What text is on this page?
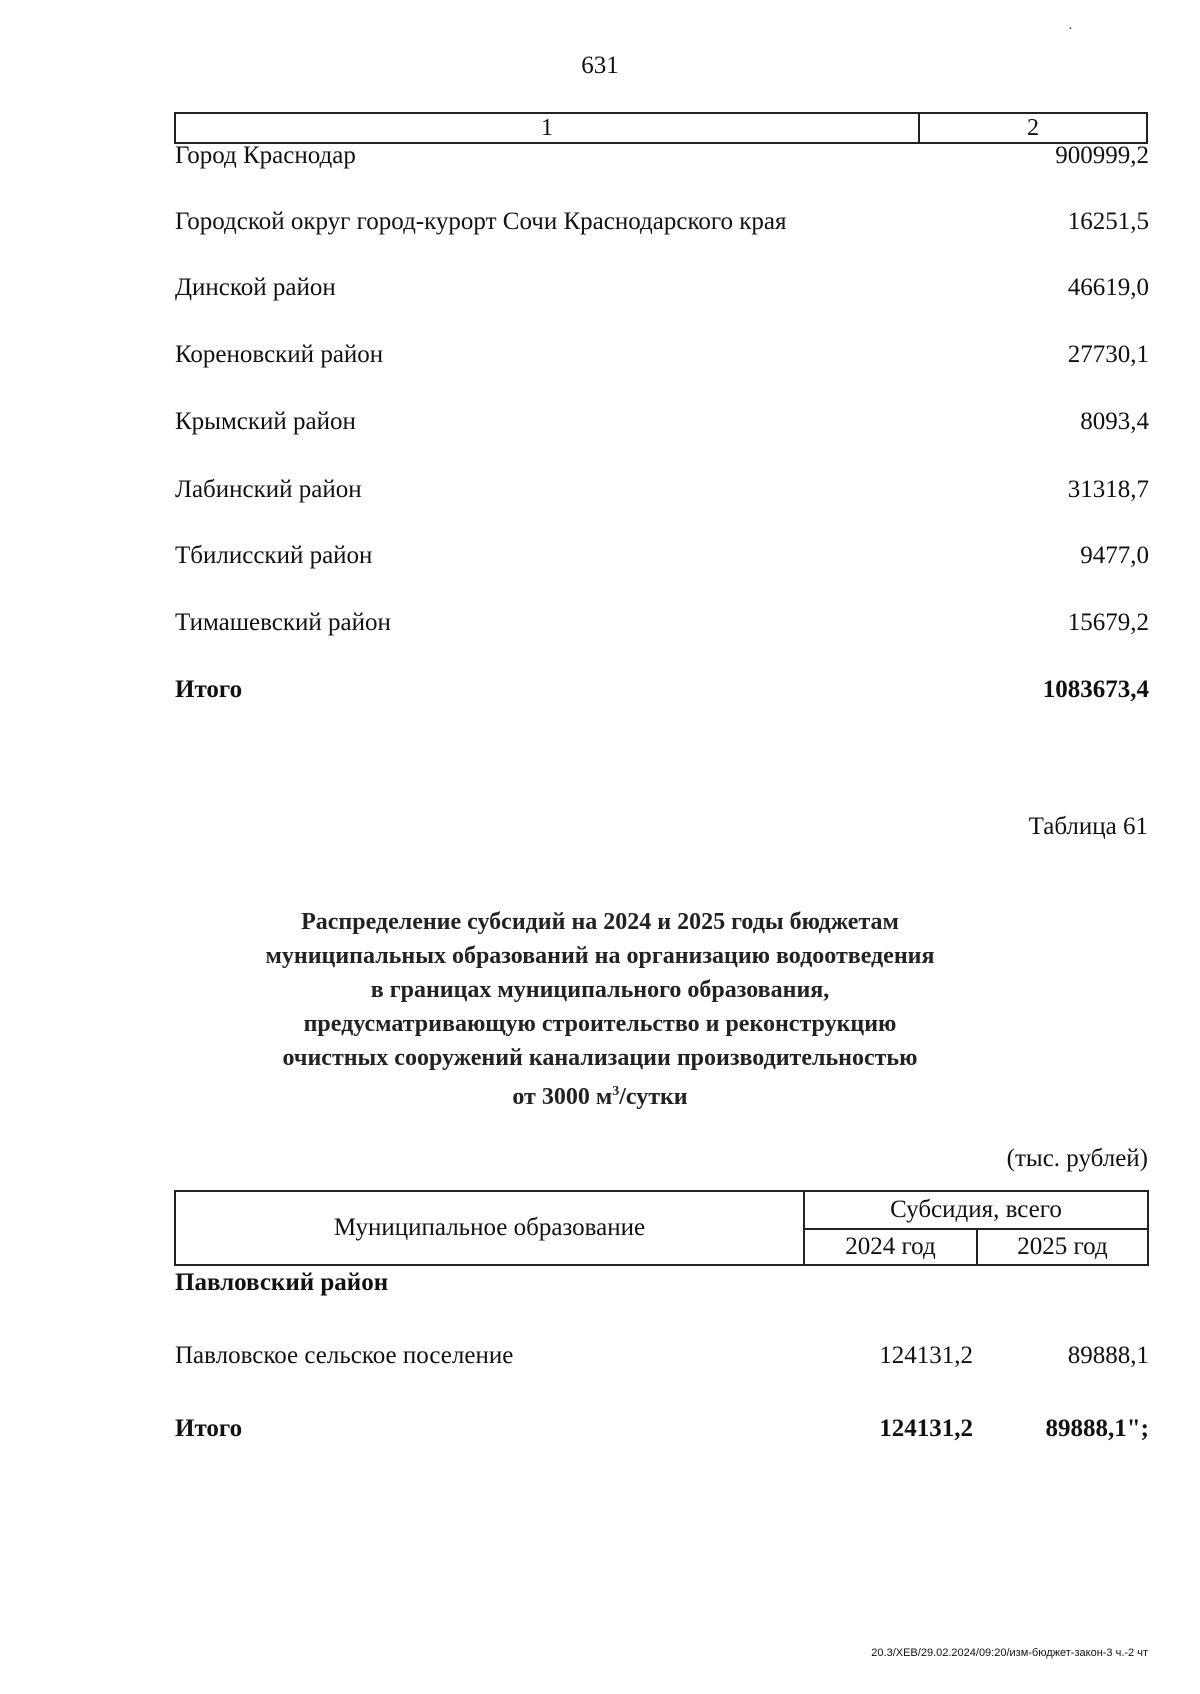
631
·
1	2
Город Краснодар	900999,2
Городской округ город-курорт Сочи Краснодарского края	16251,5
Динской район	46619,0
Кореновский район	27730,1
Крымский район	8093,4
Лабинский район	31318,7
Тбилисский район	9477,0
Тимашевский район	15679,2
Итого	1083673,4
Таблица 61
Распределение субсидий на 2024 и 2025 годы бюджетам
муниципальных образований на организацию водоотведения
в границах муниципального образования,
предусматривающую строительство и реконструкцию
очистных сооружений канализации производительностью
от 3000 $м^3$/сутки
(тыс. рублей)
Муниципальное образование
Субсидия, всего
2024 год	2025 год
Павловский район
Павловское сельское поселение	124131,2	89888,1
Итого	124131,2	89888,1";
20.3/ХЕВ/29.02.2024/09:20/изм-бюджет-закон-3 ч.-2 чт
